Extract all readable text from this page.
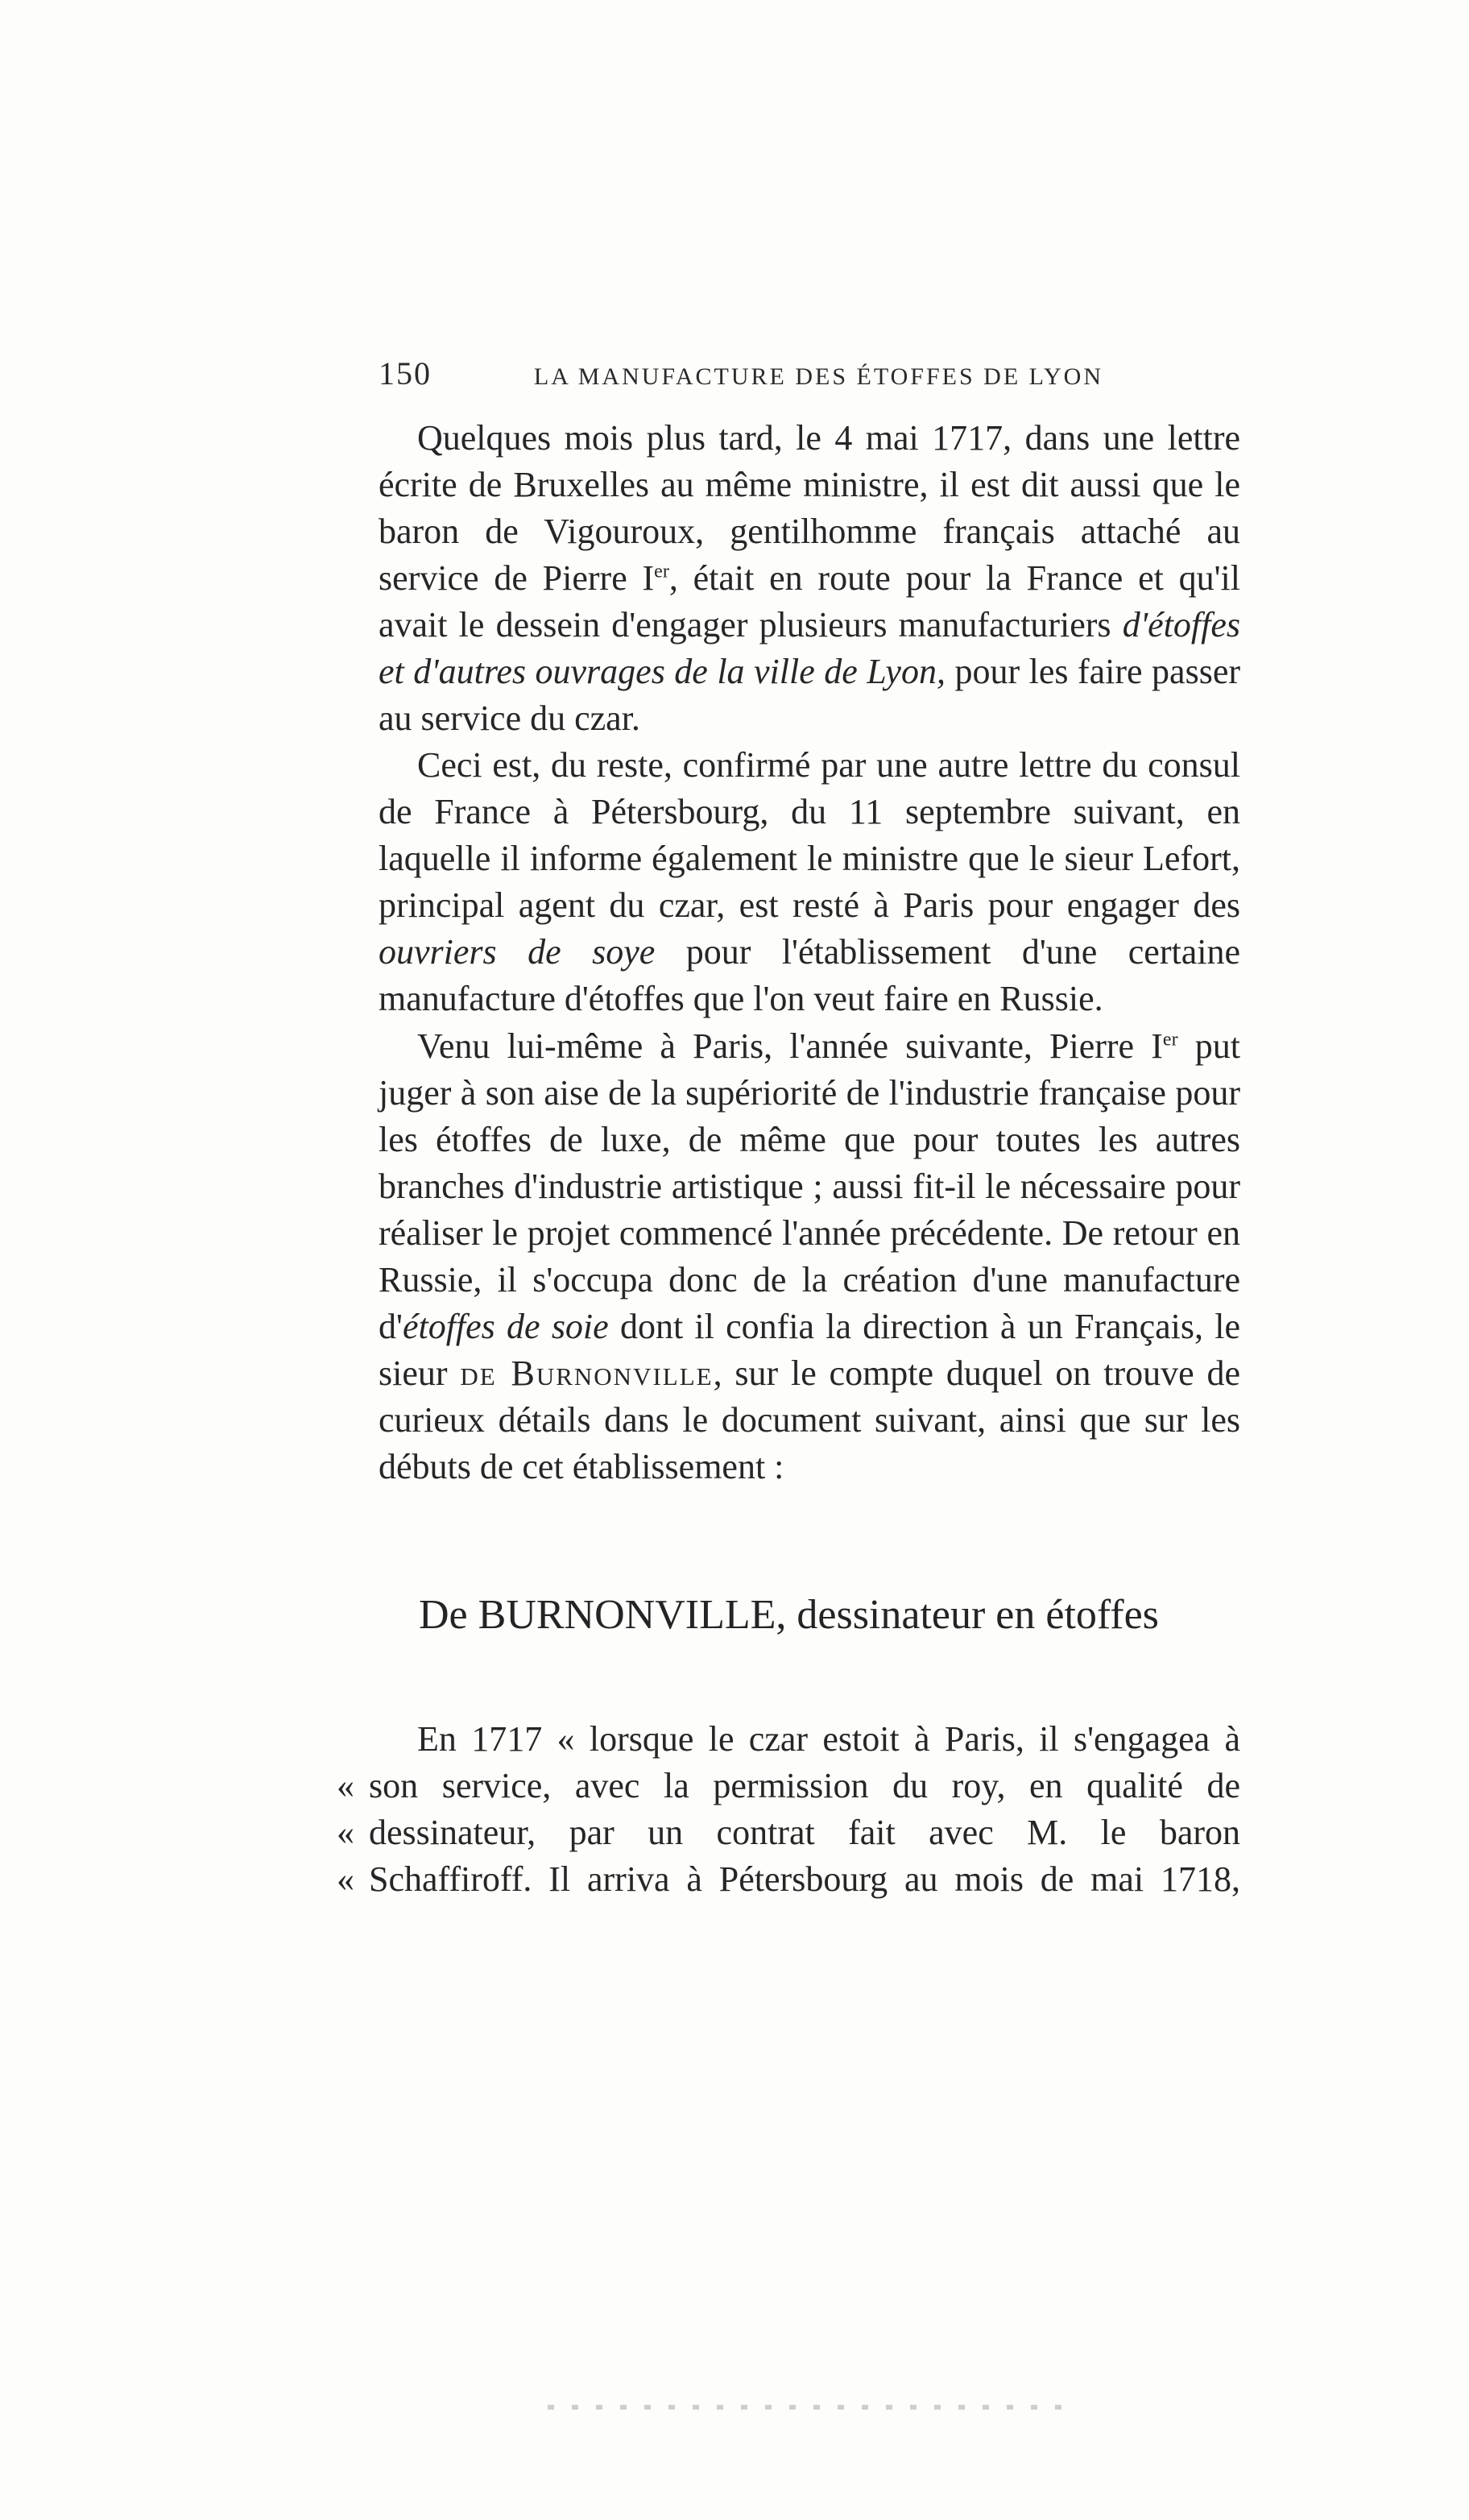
150	LA MANUFACTURE DES ÉTOFFES DE LYON

Quelques mois plus tard, le 4 mai 1717, dans une lettre écrite de Bruxelles au même ministre, il est dit aussi que le baron de Vigouroux, gentilhomme français attaché au service de Pierre Ier, était en route pour la France et qu'il avait le dessein d'engager plusieurs manufacturiers d'étoffes et d'autres ouvrages de la ville de Lyon, pour les faire passer au service du czar.

Ceci est, du reste, confirmé par une autre lettre du consul de France à Pétersbourg, du 11 septembre suivant, en laquelle il informe également le ministre que le sieur Lefort, principal agent du czar, est resté à Paris pour engager des ouvriers de soye pour l'établissement d'une certaine manufacture d'étoffes que l'on veut faire en Russie.

Venu lui-même à Paris, l'année suivante, Pierre Ier put juger à son aise de la supériorité de l'industrie française pour les étoffes de luxe, de même que pour toutes les autres branches d'industrie artistique ; aussi fit-il le nécessaire pour réaliser le projet commencé l'année précédente. De retour en Russie, il s'occupa donc de la création d'une manufacture d'étoffes de soie dont il confia la direction à un Français, le sieur de Burnonville, sur le compte duquel on trouve de curieux détails dans le document suivant, ainsi que sur les débuts de cet établissement :

De BURNONVILLE, dessinateur en étoffes
En 1717 « lorsque le czar estoit à Paris, il s'engagea à
« son service, avec la permission du roy, en qualité de
« dessinateur, par un contrat fait avec M. le baron
« Schaffiroff. Il arriva à Pétersbourg au mois de mai 1718,
